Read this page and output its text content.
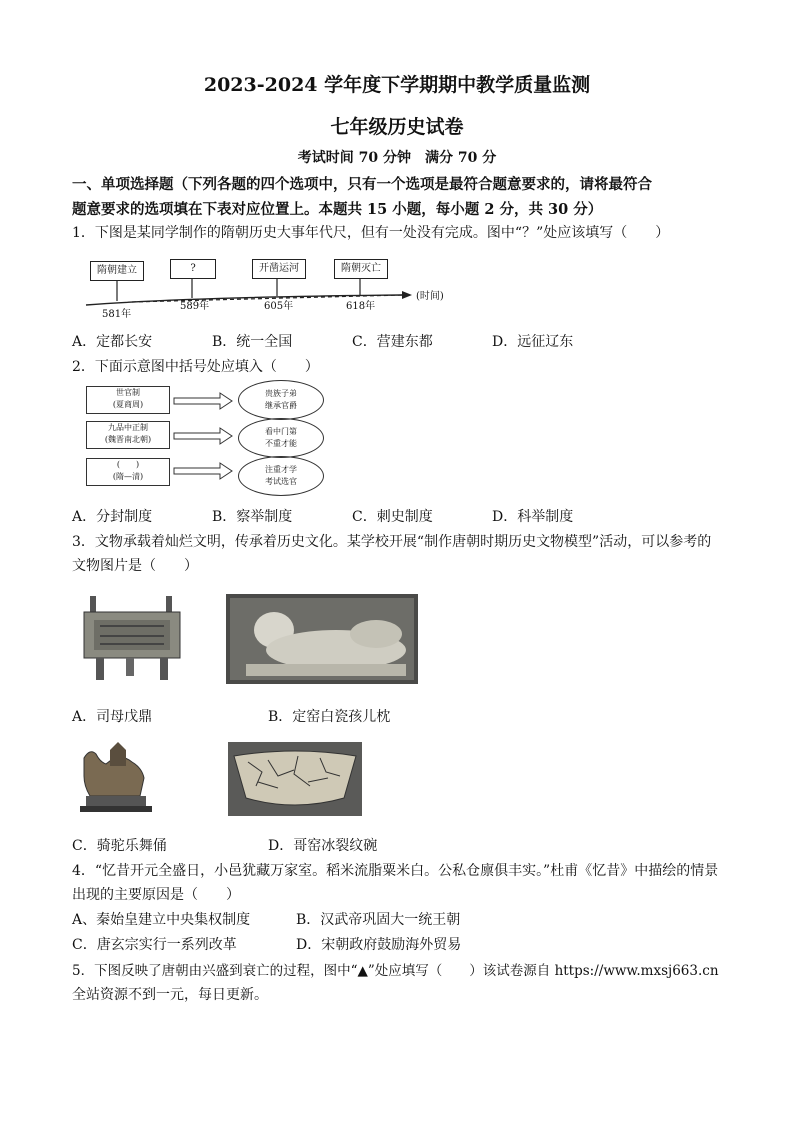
2023-2024 学年度下学期期中教学质量监测
七年级历史试卷
考试时间 70 分钟　满分 70 分
一、单项选择题（下列各题的四个选项中，只有一个选项是最符合题意要求的，请将最符合
题意要求的选项填在下表对应位置上。本题共 15 小题，每小题 2 分，共 30 分）
1．下图是某同学制作的隋朝历史大事年代尺，但有一处没有完成。图中“？”处应该填写（　　）
隋朝建立	?	开凿运河	隋朝灭亡
581年
589年	605年	618年
(时间)
A．定都长安	B．统一全国	C．营建东都	D．远征辽东
2．下面示意图中括号处应填入（　　）
世官制
(夏商周)
九品中正制
(魏晋南北朝)
(　　)
(隋—清)
贵族子弟
继承官爵
看中门第
不重才能
注重才学
考试选官
A．分封制度	B．察举制度	C．刺史制度	D．科举制度
3．文物承载着灿烂文明，传承着历史文化。某学校开展“制作唐朝时期历史文物模型”活动，可以参考的
文物图片是（　　）
A．司母戊鼎	B．定窑白瓷孩儿枕
C．骑驼乐舞俑	D．哥窑冰裂纹碗
4．“忆昔开元全盛日，小邑犹藏万家室。稻米流脂粟米白。公私仓廪俱丰实。”杜甫《忆昔》中描绘的情景
出现的主要原因是（　　）
A、秦始皇建立中央集权制度	B．汉武帝巩固大一统王朝
C．唐玄宗实行一系列改革	D．宋朝政府鼓励海外贸易
5．下图反映了唐朝由兴盛到衰亡的过程，图中“▲”处应填写（　　）该试卷源自 https://www.mxsj663.cn
全站资源不到一元，每日更新。
